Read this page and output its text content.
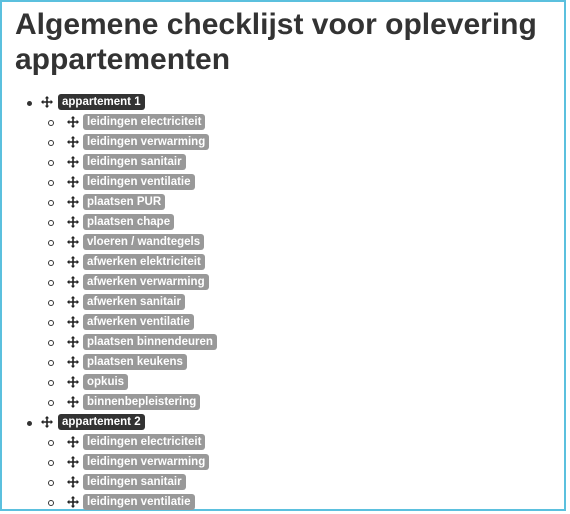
Algemene checklijst voor oplevering appartementen
appartement 1
leidingen electriciteit
leidingen verwarming
leidingen sanitair
leidingen ventilatie
plaatsen PUR
plaatsen chape
vloeren / wandtegels
afwerken elektriciteit
afwerken verwarming
afwerken sanitair
afwerken ventilatie
plaatsen binnendeuren
plaatsen keukens
opkuis
binnenbepleistering
appartement 2
leidingen electriciteit
leidingen verwarming
leidingen sanitair
leidingen ventilatie
